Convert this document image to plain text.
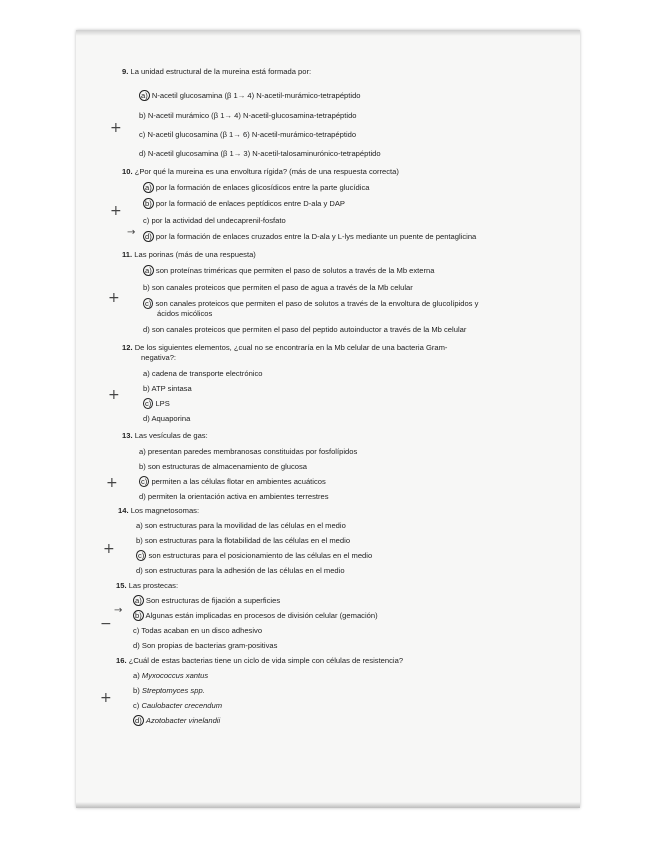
9. La unidad estructural de la mureina está formada por:
a) N-acetil glucosamina (β 1→ 4) N-acetil-murámico-tetrapéptido
b) N-acetil murámico (β 1→ 4) N-acetil-glucosamina-tetrapéptido
c) N-acetil glucosamina (β 1→ 6) N-acetil-murámico-tetrapéptido
d) N-acetil glucosamina (β 1→ 3) N-acetil-talosaminurónico-tetrapéptido
10. ¿Por qué la mureina es una envoltura rígida? (más de una respuesta correcta)
a) por la formación de enlaces glicosídicos entre la parte glucídica
b) por la formació de enlaces peptídicos entre D-ala y DAP
c) por la actividad del undecaprenil-fosfato
d) por la formación de enlaces cruzados entre la D-ala y L-lys mediante un puente de pentaglicina
11. Las porinas (más de una respuesta)
a) son proteínas triméricas que permiten el paso de solutos a través de la Mb externa
b) son canales proteicos que permiten el paso de agua a través de la Mb celular
c) son canales proteicos que permiten el paso de solutos a través de la envoltura de glucolípidos y
ácidos micólicos
d) son canales proteicos que permiten el paso del peptido autoinductor a través de la Mb celular
12. De los siguientes elementos, ¿cual no se encontraría en la Mb celular de una bacteria Gram-
negativa?:
a) cadena de transporte electrónico
b) ATP sintasa
c) LPS
d) Aquaporina
13. Las vesículas de gas:
a) presentan paredes membranosas constituidas por fosfolípidos
b) son estructuras de almacenamiento de glucosa
c) permiten a las células flotar en ambientes acuáticos
d) permiten la orientación activa en ambientes terrestres
14. Los magnetosomas:
a) son estructuras para la movilidad de las células en el medio
b) son estructuras para la flotabilidad de las células en el medio
c) son estructuras para el posicionamiento de las células en el medio
d) son estructuras para la adhesión de las células en el medio
15. Las prostecas:
a) Son estructuras de fijación a superficies
b) Algunas están implicadas en procesos de división celular (gemación)
c) Todas acaban en un disco adhesivo
d) Son propias de bacterias gram-positivas
16. ¿Cuál de estas bacterias tiene un ciclo de vida simple con células de resistencia?
a) Myxococcus xantus
b) Streptomyces spp.
c) Caulobacter crecendum
d) Azotobacter vinelandii
+
+
→
+
+
+
+
→
−
+
